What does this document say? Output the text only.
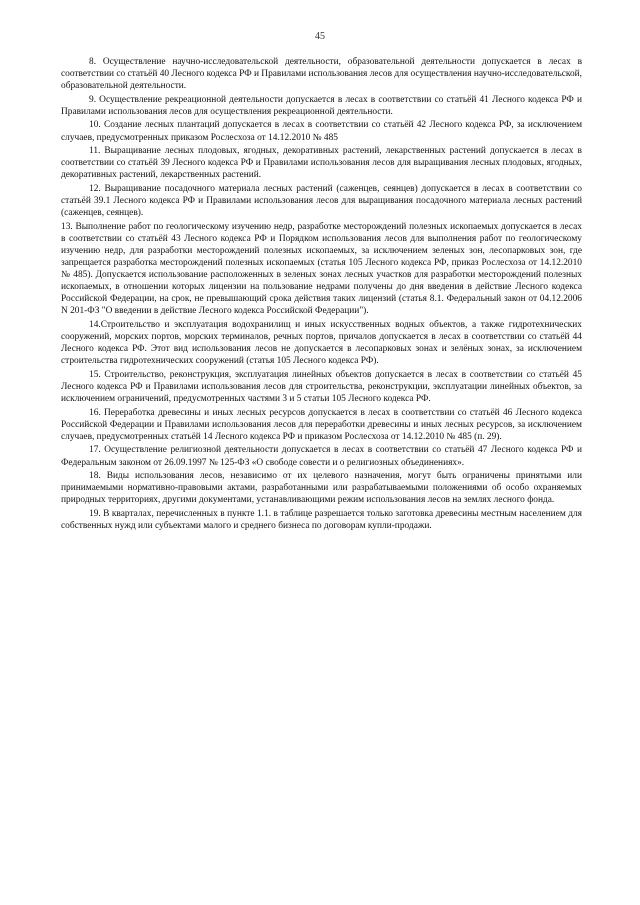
45

8. Осуществление научно-исследовательской деятельности, образовательной деятельности допускается в лесах в соответствии со статьёй 40 Лесного кодекса РФ и Правилами использования лесов для осуществления научно-исследовательской, образовательной деятельности.

9. Осуществление рекреационной деятельности допускается в лесах в соответствии со статьёй 41 Лесного кодекса РФ и Правилами использования лесов для осуществления рекреационной деятельности.

10. Создание лесных плантаций допускается в лесах в соответствии со статьёй 42 Лесного кодекса РФ, за исключением случаев, предусмотренных приказом Рослесхоза от 14.12.2010 № 485

11. Выращивание лесных плодовых, ягодных, декоративных растений, лекарственных растений допускается в лесах в соответствии со статьёй 39 Лесного кодекса РФ и Правилами использования лесов для выращивания лесных плодовых, ягодных, декоративных растений, лекарственных растений.

12. Выращивание посадочного материала лесных растений (саженцев, сеянцев) допускается в лесах в соответствии со статьёй 39.1 Лесного кодекса РФ и Правилами использования лесов для выращивания посадочного материала лесных растений (саженцев, сеянцев).

13. Выполнение работ по геологическому изучению недр, разработке месторождений полезных ископаемых допускается в лесах в соответствии со статьёй 43 Лесного кодекса РФ и Порядком использования лесов для выполнения работ по геологическому изучению недр, для разработки месторождений полезных ископаемых, за исключением зеленых зон, лесопарковых зон, где запрещается разработка месторождений полезных ископаемых (статья 105 Лесного кодекса РФ, приказ Рослесхоза от 14.12.2010 № 485). Допускается использование расположенных в зеленых зонах лесных участков для разработки месторождений полезных ископаемых, в отношении которых лицензии на пользование недрами получены до дня введения в действие Лесного кодекса Российской Федерации, на срок, не превышающий срока действия таких лицензий (статья 8.1. Федеральный закон от 04.12.2006 N 201-ФЗ "О введении в действие Лесного кодекса Российской Федерации").

14.Строительство и эксплуатация водохранилищ и иных искусственных водных объектов, а также гидротехнических сооружений, морских портов, морских терминалов, речных портов, причалов допускается в лесах в соответствии со статьёй 44 Лесного кодекса РФ. Этот вид использования лесов не допускается в лесопарковых зонах и зелёных зонах, за исключением строительства гидротехнических сооружений (статья 105 Лесного кодекса РФ).

15. Строительство, реконструкция, эксплуатация линейных объектов допускается в лесах в соответствии со статьёй 45 Лесного кодекса РФ и Правилами использования лесов для строительства, реконструкции, эксплуатации линейных объектов, за исключением ограничений, предусмотренных частями 3 и 5 статьи 105 Лесного кодекса РФ.

16. Переработка древесины и иных лесных ресурсов допускается в лесах в соответствии со статьёй 46 Лесного кодекса Российской Федерации и Правилами использования лесов для переработки древесины и иных лесных ресурсов, за исключением случаев, предусмотренных статьёй 14 Лесного кодекса РФ и приказом Рослесхоза от 14.12.2010 № 485 (п. 29).

17. Осуществление религиозной деятельности допускается в лесах в соответствии со статьёй 47 Лесного кодекса РФ и Федеральным законом от 26.09.1997 № 125-ФЗ «О свободе совести и о религиозных объединениях».

18. Виды использования лесов, независимо от их целевого назначения, могут быть ограничены принятыми или принимаемыми нормативно-правовыми актами, разработанными или разрабатываемыми положениями об особо охраняемых природных территориях, другими документами, устанавливающими режим использования лесов на землях лесного фонда.

19. В кварталах, перечисленных в пункте 1.1. в таблице разрешается только заготовка древесины местным населением для собственных нужд или субъектами малого и среднего бизнеса по договорам купли-продажи.
